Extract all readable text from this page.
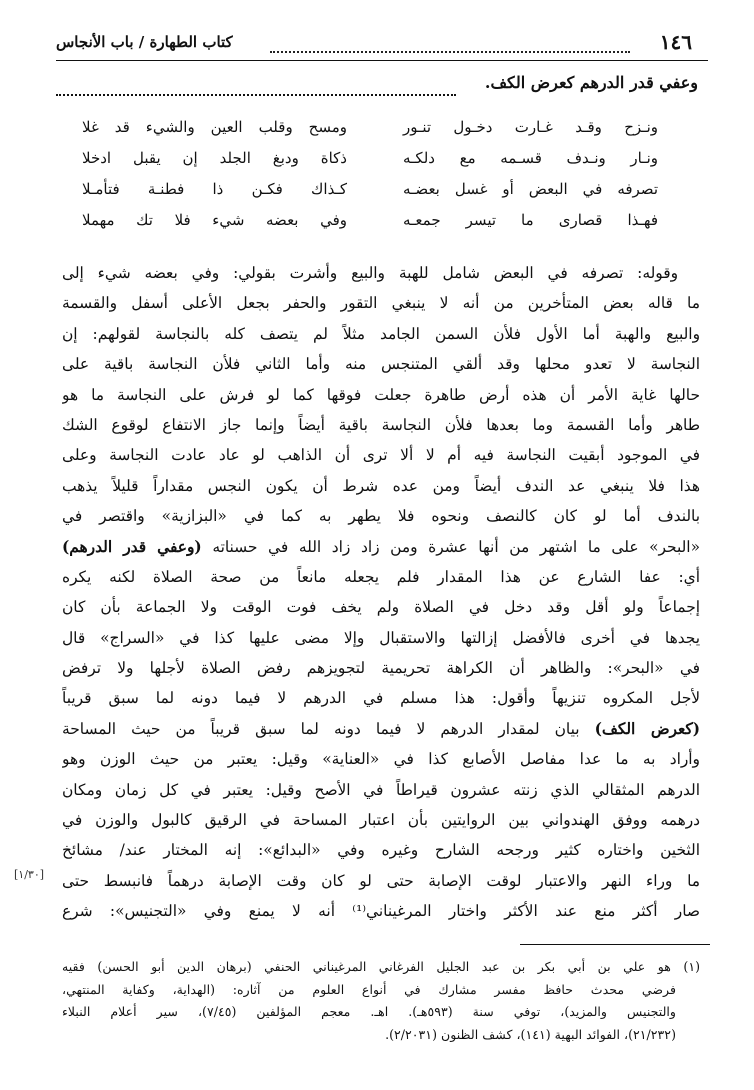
١٤٦
كتاب الطهارة / باب الأنجاس
وعفي قدر الدرهم كعرض الكف.
ونـزح وقـد غـارت دخـول تنـور
ومسح وقلب العين والشيء قد غلا
ونـار ونـدف قسـمه مع دلكـه
ذكاة ودبغ الجلد إن يقبل ادخلا
تصرفه في البعض أو غسل بعضـه
كـذاك فكـن ذا فطنـة فتأمـلا
فهـذا قصارى ما تيسر جمعـه
وفي بعضه شيء فلا تك مهملا
وقوله: تصرفه في البعض شامل للهبة والبيع وأشرت بقولي: وفي بعضه شيء إلى
ما قاله بعض المتأخرين من أنه لا ينبغي التقور والحفر بجعل الأعلى أسفل والقسمة
والبيع والهبة أما الأول فلأن السمن الجامد مثلاً لم يتصف كله بالنجاسة لقولهم: إن
النجاسة لا تعدو محلها وقد ألقي المتنجس منه وأما الثاني فلأن النجاسة باقية على
حالها غاية الأمر أن هذه أرض طاهرة جعلت فوقها كما لو فرش على النجاسة ما هو
طاهر وأما القسمة وما بعدها فلأن النجاسة باقية أيضاً وإنما جاز الانتفاع لوقوع الشك
في الموجود أبقيت النجاسة فيه أم لا ألا ترى أن الذاهب لو عاد عادت النجاسة وعلى
هذا فلا ينبغي عد الندف أيضاً ومن عده شرط أن يكون النجس مقداراً قليلاً يذهب
بالندف أما لو كان كالنصف ونحوه فلا يطهر به كما في «البزازية» واقتصر في
«البحر» على ما اشتهر من أنها عشرة ومن زاد زاد الله في حسناته (وعفي قدر الدرهم)
أي: عفا الشارع عن هذا المقدار فلم يجعله مانعاً من صحة الصلاة لكنه يكره
إجماعاً ولو أقل وقد دخل في الصلاة ولم يخف فوت الوقت ولا الجماعة بأن كان
يجدها في أخرى فالأفضل إزالتها والاستقبال وإلا مضى عليها كذا في «السراج» قال
في «البحر»: والظاهر أن الكراهة تحريمية لتجويزهم رفض الصلاة لأجلها ولا ترفض
لأجل المكروه تنزيهاً وأقول: هذا مسلم في الدرهم لا فيما دونه لما سبق قريباً
(كعرض الكف) بيان لمقدار الدرهم لا فيما دونه لما سبق قريباً من حيث المساحة
وأراد به ما عدا مفاصل الأصابع كذا في «العناية» وقيل: يعتبر من حيث الوزن وهو
الدرهم المثقالي الذي زنته عشرون قيراطاً في الأصح وقيل: يعتبر في كل زمان ومكان
درهمه ووفق الهندواني بين الروايتين بأن اعتبار المساحة في الرقيق كالبول والوزن في
الثخين واختاره كثير ورجحه الشارح وغيره وفي «البدائع»: إنه المختار عند/ مشائخ
ما وراء النهر والاعتبار لوقت الإصابة حتى لو كان وقت الإصابة درهماً فانبسط حتى
صار أكثر منع عند الأكثر واختار المرغيناني⁽¹⁾ أنه لا يمنع وفي «التجنيس»: شرع
[١/٣٠]
(١) هو علي بن أبي بكر بن عبد الجليل الفرغاني المرغيناني الحنفي (برهان الدين أبو الحسن) فقيه
فرضي محدث حافظ مفسر مشارك في أنواع العلوم من آثاره: (الهداية، وكفاية المنتهي،
والتجنيس والمزيد)، توفي سنة (٥٩٣هـ). اهـ. معجم المؤلفين (٧/٤٥)، سير أعلام النبلاء
(٢١/٢٣٢)، الفوائد البهية (١٤١)، كشف الظنون (٢/٢٠٣١).
